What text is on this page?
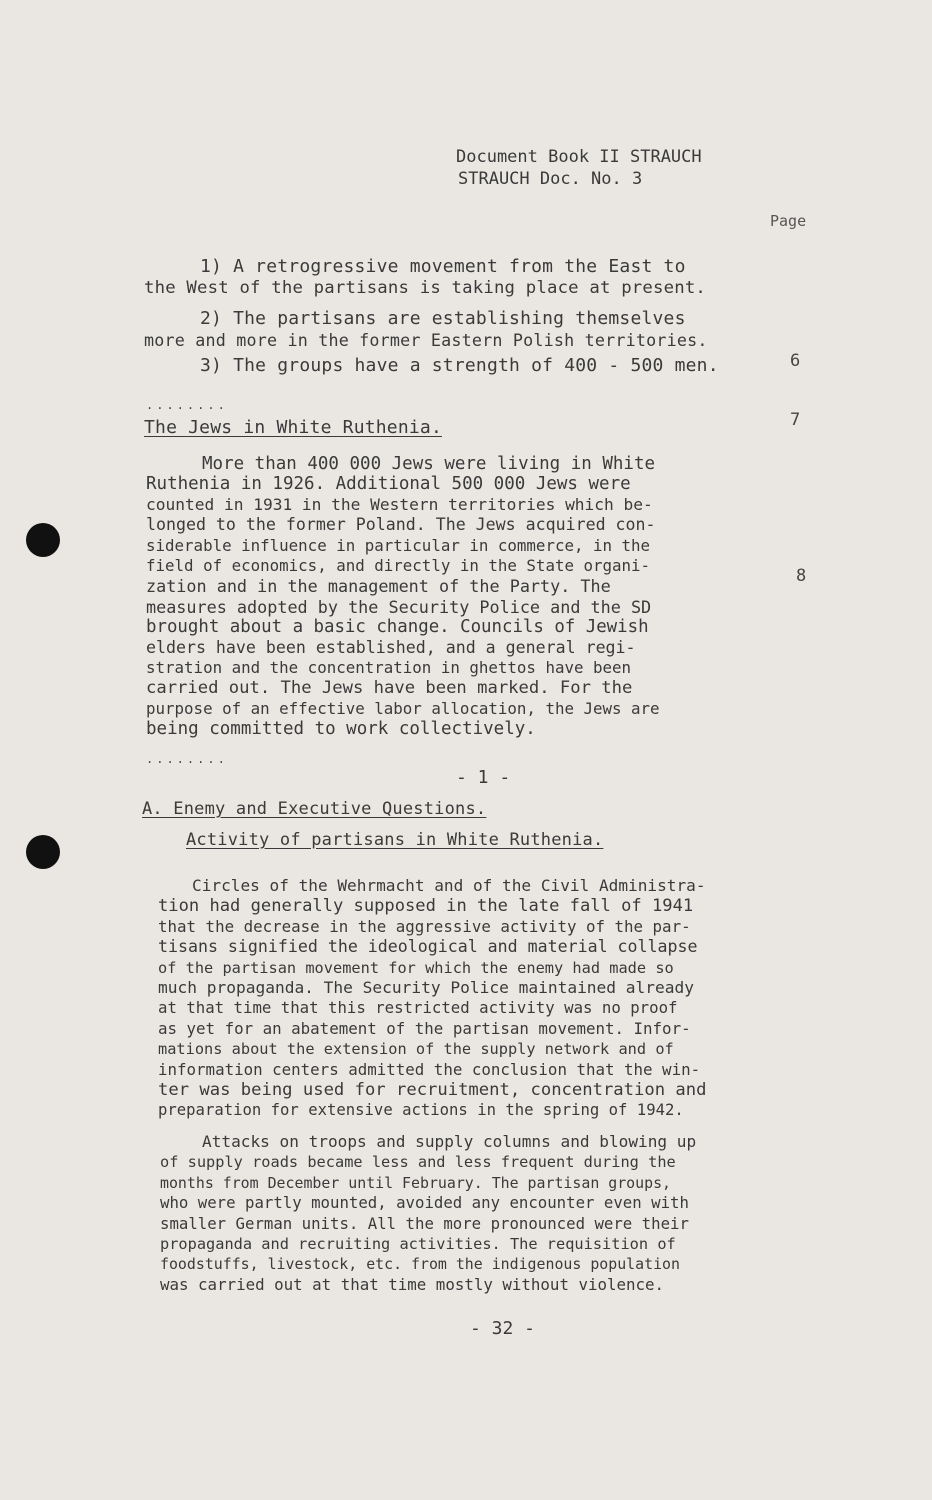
Document Book II STRAUCH
STRAUCH Doc. No. 3
Page
1) A retrogressive movement from the East to
the West of the partisans is taking place at present.
2) The partisans are establishing themselves
more and more in the former Eastern Polish territories.
3) The groups have a strength of 400 - 500 men.	6
........
The Jews in White Ruthenia.	7
More than 400 000 Jews were living in White
Ruthenia in 1926. Additional 500 000 Jews were
counted in 1931 in the Western territories which be-
longed to the former Poland. The Jews acquired con-
siderable influence in particular in commerce, in the
field of economics, and directly in the State organi-
zation and in the management of the Party. The
measures adopted by the Security Police and the SD
brought about a basic change. Councils of Jewish
elders have been established, and a general regi-
stration and the concentration in ghettos have been
carried out. The Jews have been marked. For the
purpose of an effective labor allocation, the Jews are
being committed to work collectively.
8
........
- 1 -
A. Enemy and Executive Questions.
Activity of partisans in White Ruthenia.
Circles of the Wehrmacht and of the Civil Administra-
tion had generally supposed in the late fall of 1941
that the decrease in the aggressive activity of the par-
tisans signified the ideological and material collapse
of the partisan movement for which the enemy had made so
much propaganda. The Security Police maintained already
at that time that this restricted activity was no proof
as yet for an abatement of the partisan movement. Infor-
mations about the extension of the supply network and of
information centers admitted the conclusion that the win-
ter was being used for recruitment, concentration and
preparation for extensive actions in the spring of 1942.
Attacks on troops and supply columns and blowing up
of supply roads became less and less frequent during the
months from December until February. The partisan groups,
who were partly mounted, avoided any encounter even with
smaller German units. All the more pronounced were their
propaganda and recruiting activities. The requisition of
foodstuffs, livestock, etc. from the indigenous population
was carried out at that time mostly without violence.
- 32 -
